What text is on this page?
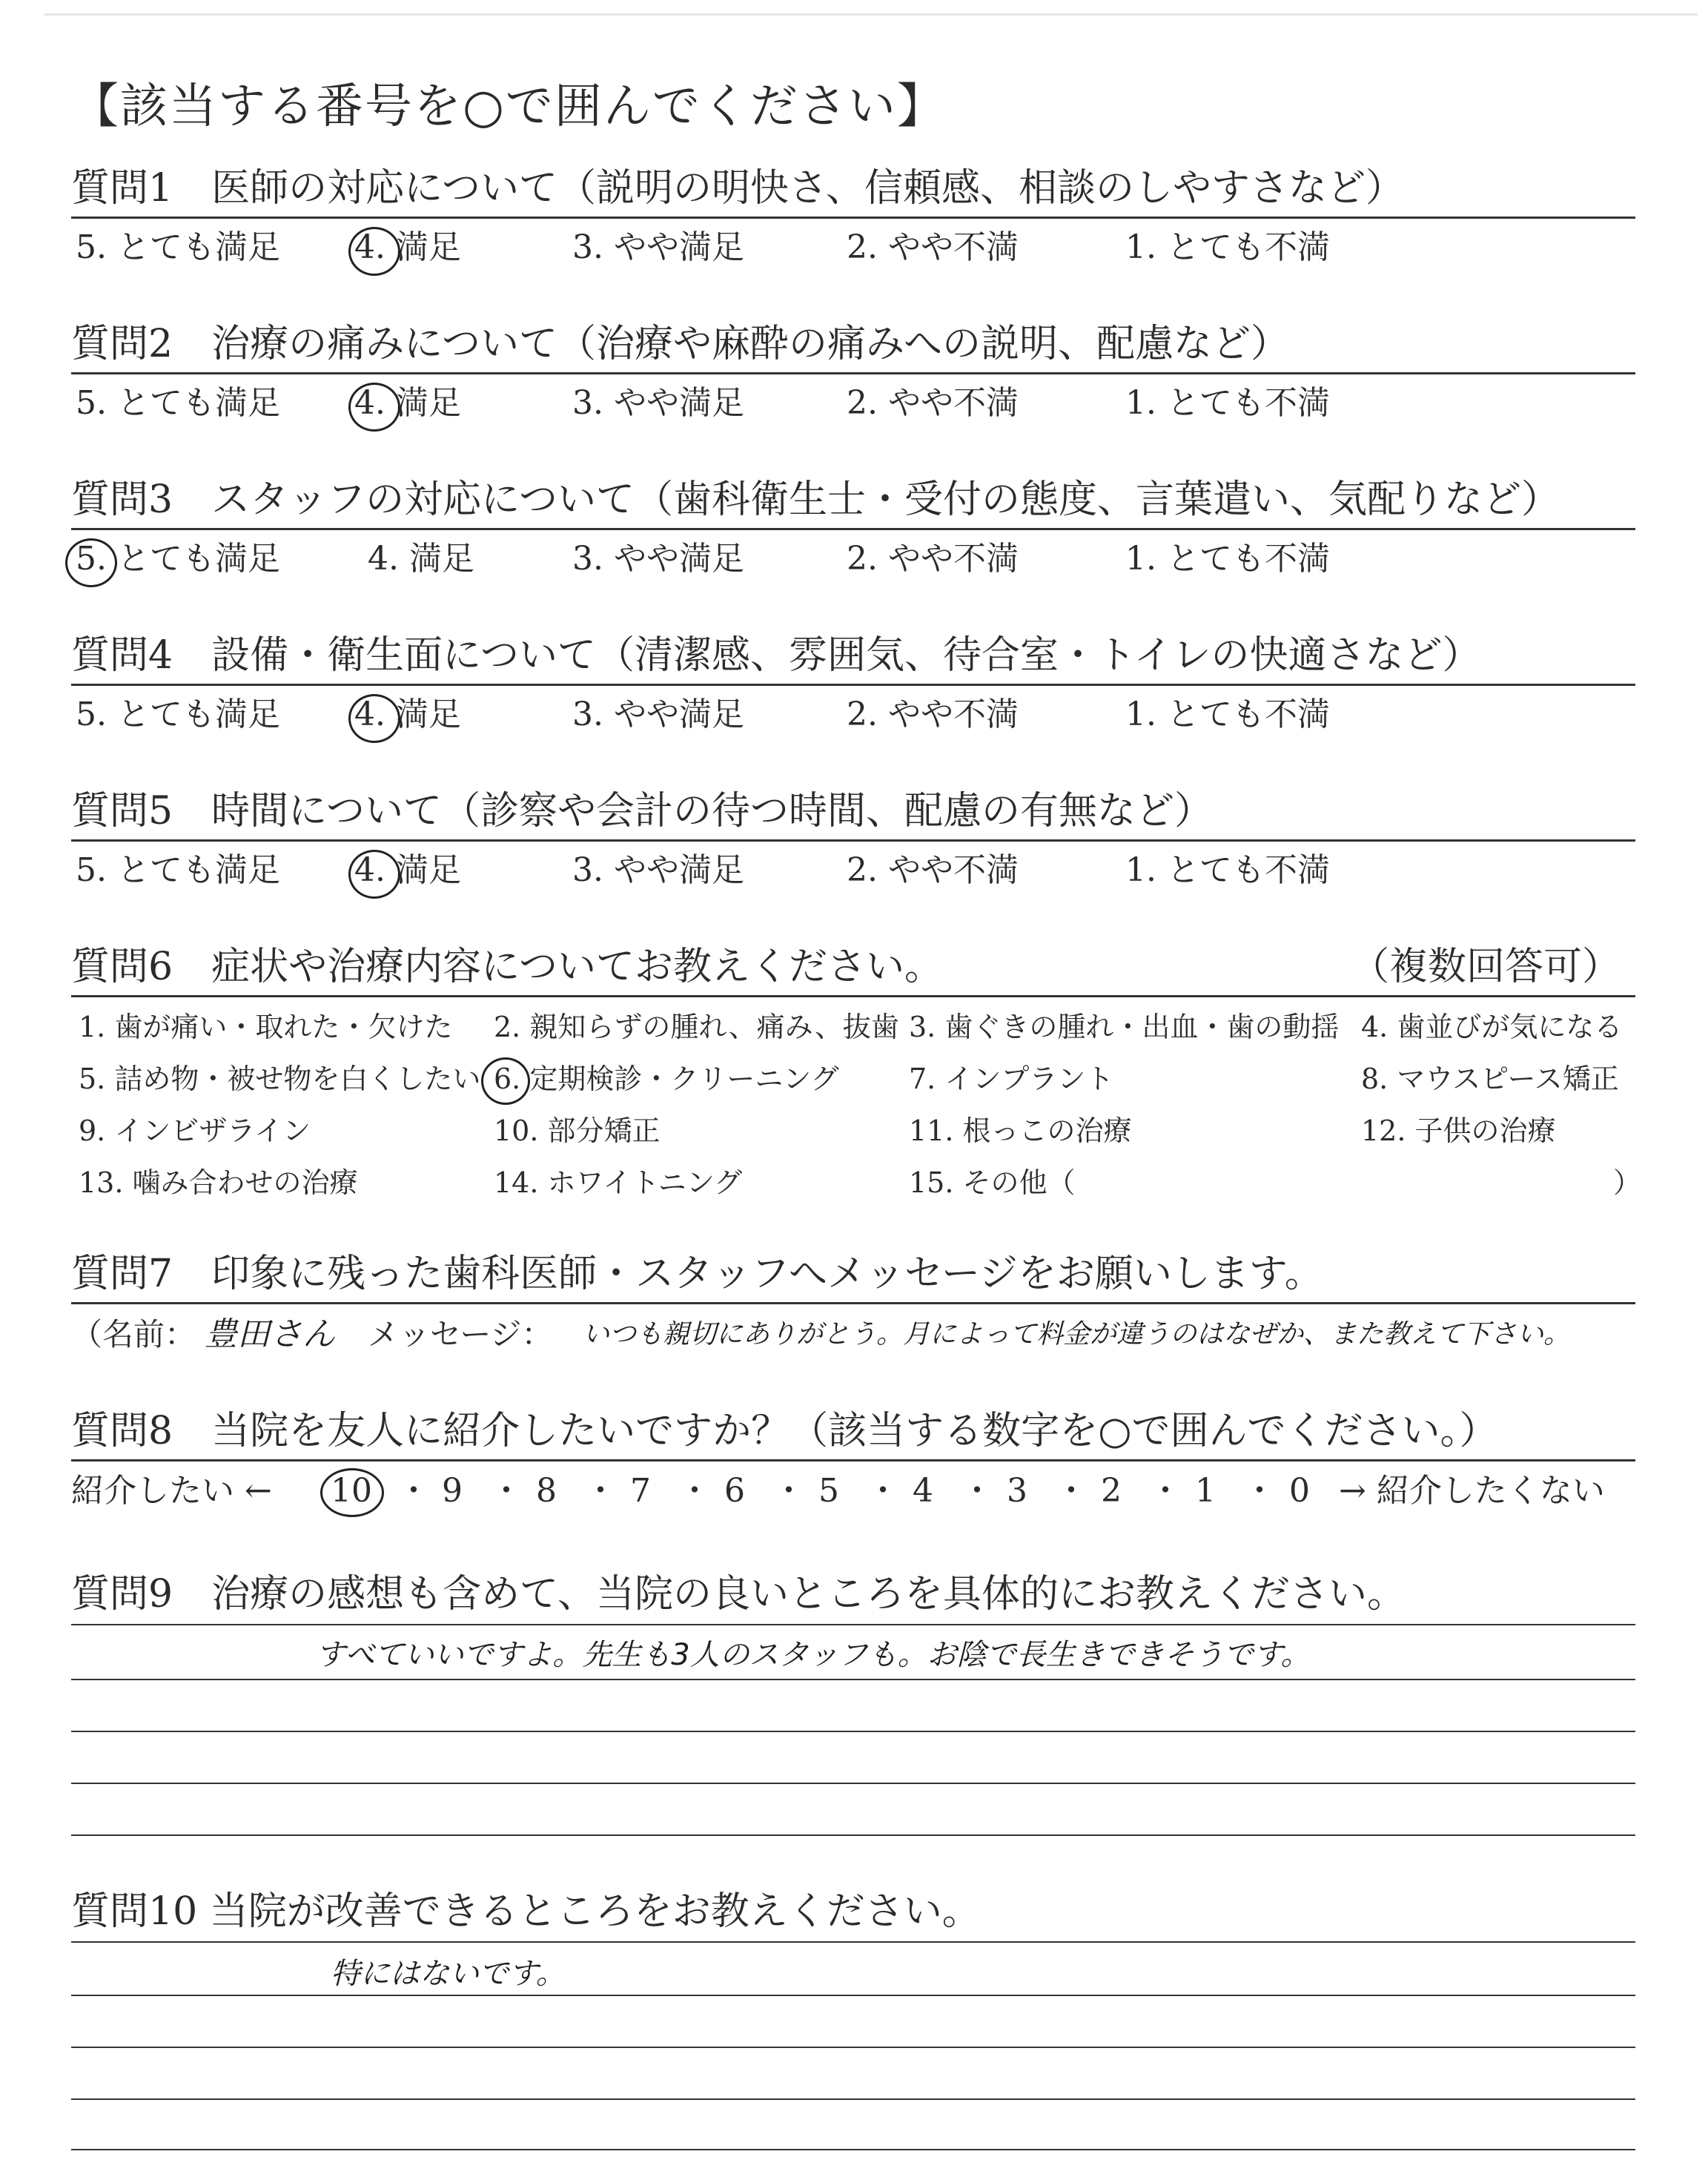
【該当する番号を○で囲んでください】
質問1　医師の対応について（説明の明快さ、信頼感、相談のしやすさなど）
5. とても満足 4. 満足	3. やや満足	2. やや不満	1. とても不満
質問2　治療の痛みについて（治療や麻酔の痛みへの説明、配慮など）
5. とても満足 4. 満足	3. やや満足	2. やや不満	1. とても不満
質問3　スタッフの対応について（歯科衛生士・受付の態度、言葉遣い、気配りなど）
5. とても満足	4. 満足	3. やや満足	2. やや不満	1. とても不満
質問4　設備・衛生面について（清潔感、雰囲気、待合室・トイレの快適さなど）
5. とても満足 4. 満足	3. やや満足	2. やや不満	1. とても不満
質問5　時間について（診察や会計の待つ時間、配慮の有無など）
5. とても満足 4. 満足	3. やや満足	2. やや不満	1. とても不満
質問6　症状や治療内容についてお教えください。	（複数回答可）
1. 歯が痛い・取れた・欠けた 2. 親知らずの腫れ、痛み、抜歯 3. 歯ぐきの腫れ・出血・歯の動揺 4. 歯並びが気になる
5. 詰め物・被せ物を白くしたい 6. 定期検診・クリーニング 7. インプラント	8. マウスピース矯正
9. インビザライン	10. 部分矯正	11. 根っこの治療	12. 子供の治療
13. 噛み合わせの治療	14. ホワイトニング	15. その他（	）
質問7　印象に残った歯科医師・スタッフへメッセージをお願いします。
（名前： 豊田さん メッセージ： いつも親切にありがとう。月によって料金が違うのはなぜか、また教えて下さい。
質問8　当院を友人に紹介したいですか？（該当する数字を○で囲んでください。）
紹介したい ← 10 ・ 9 ・ 8 ・ 7 ・ 6 ・ 5 ・ 4 ・ 3 ・ 2 ・ 1 ・ 0 → 紹介したくない
質問9　治療の感想も含めて、当院の良いところを具体的にお教えください。
すべていいですよ。先生も3人のスタッフも。お陰で長生きできそうです。
質問10 当院が改善できるところをお教えください。
特にはないです。
